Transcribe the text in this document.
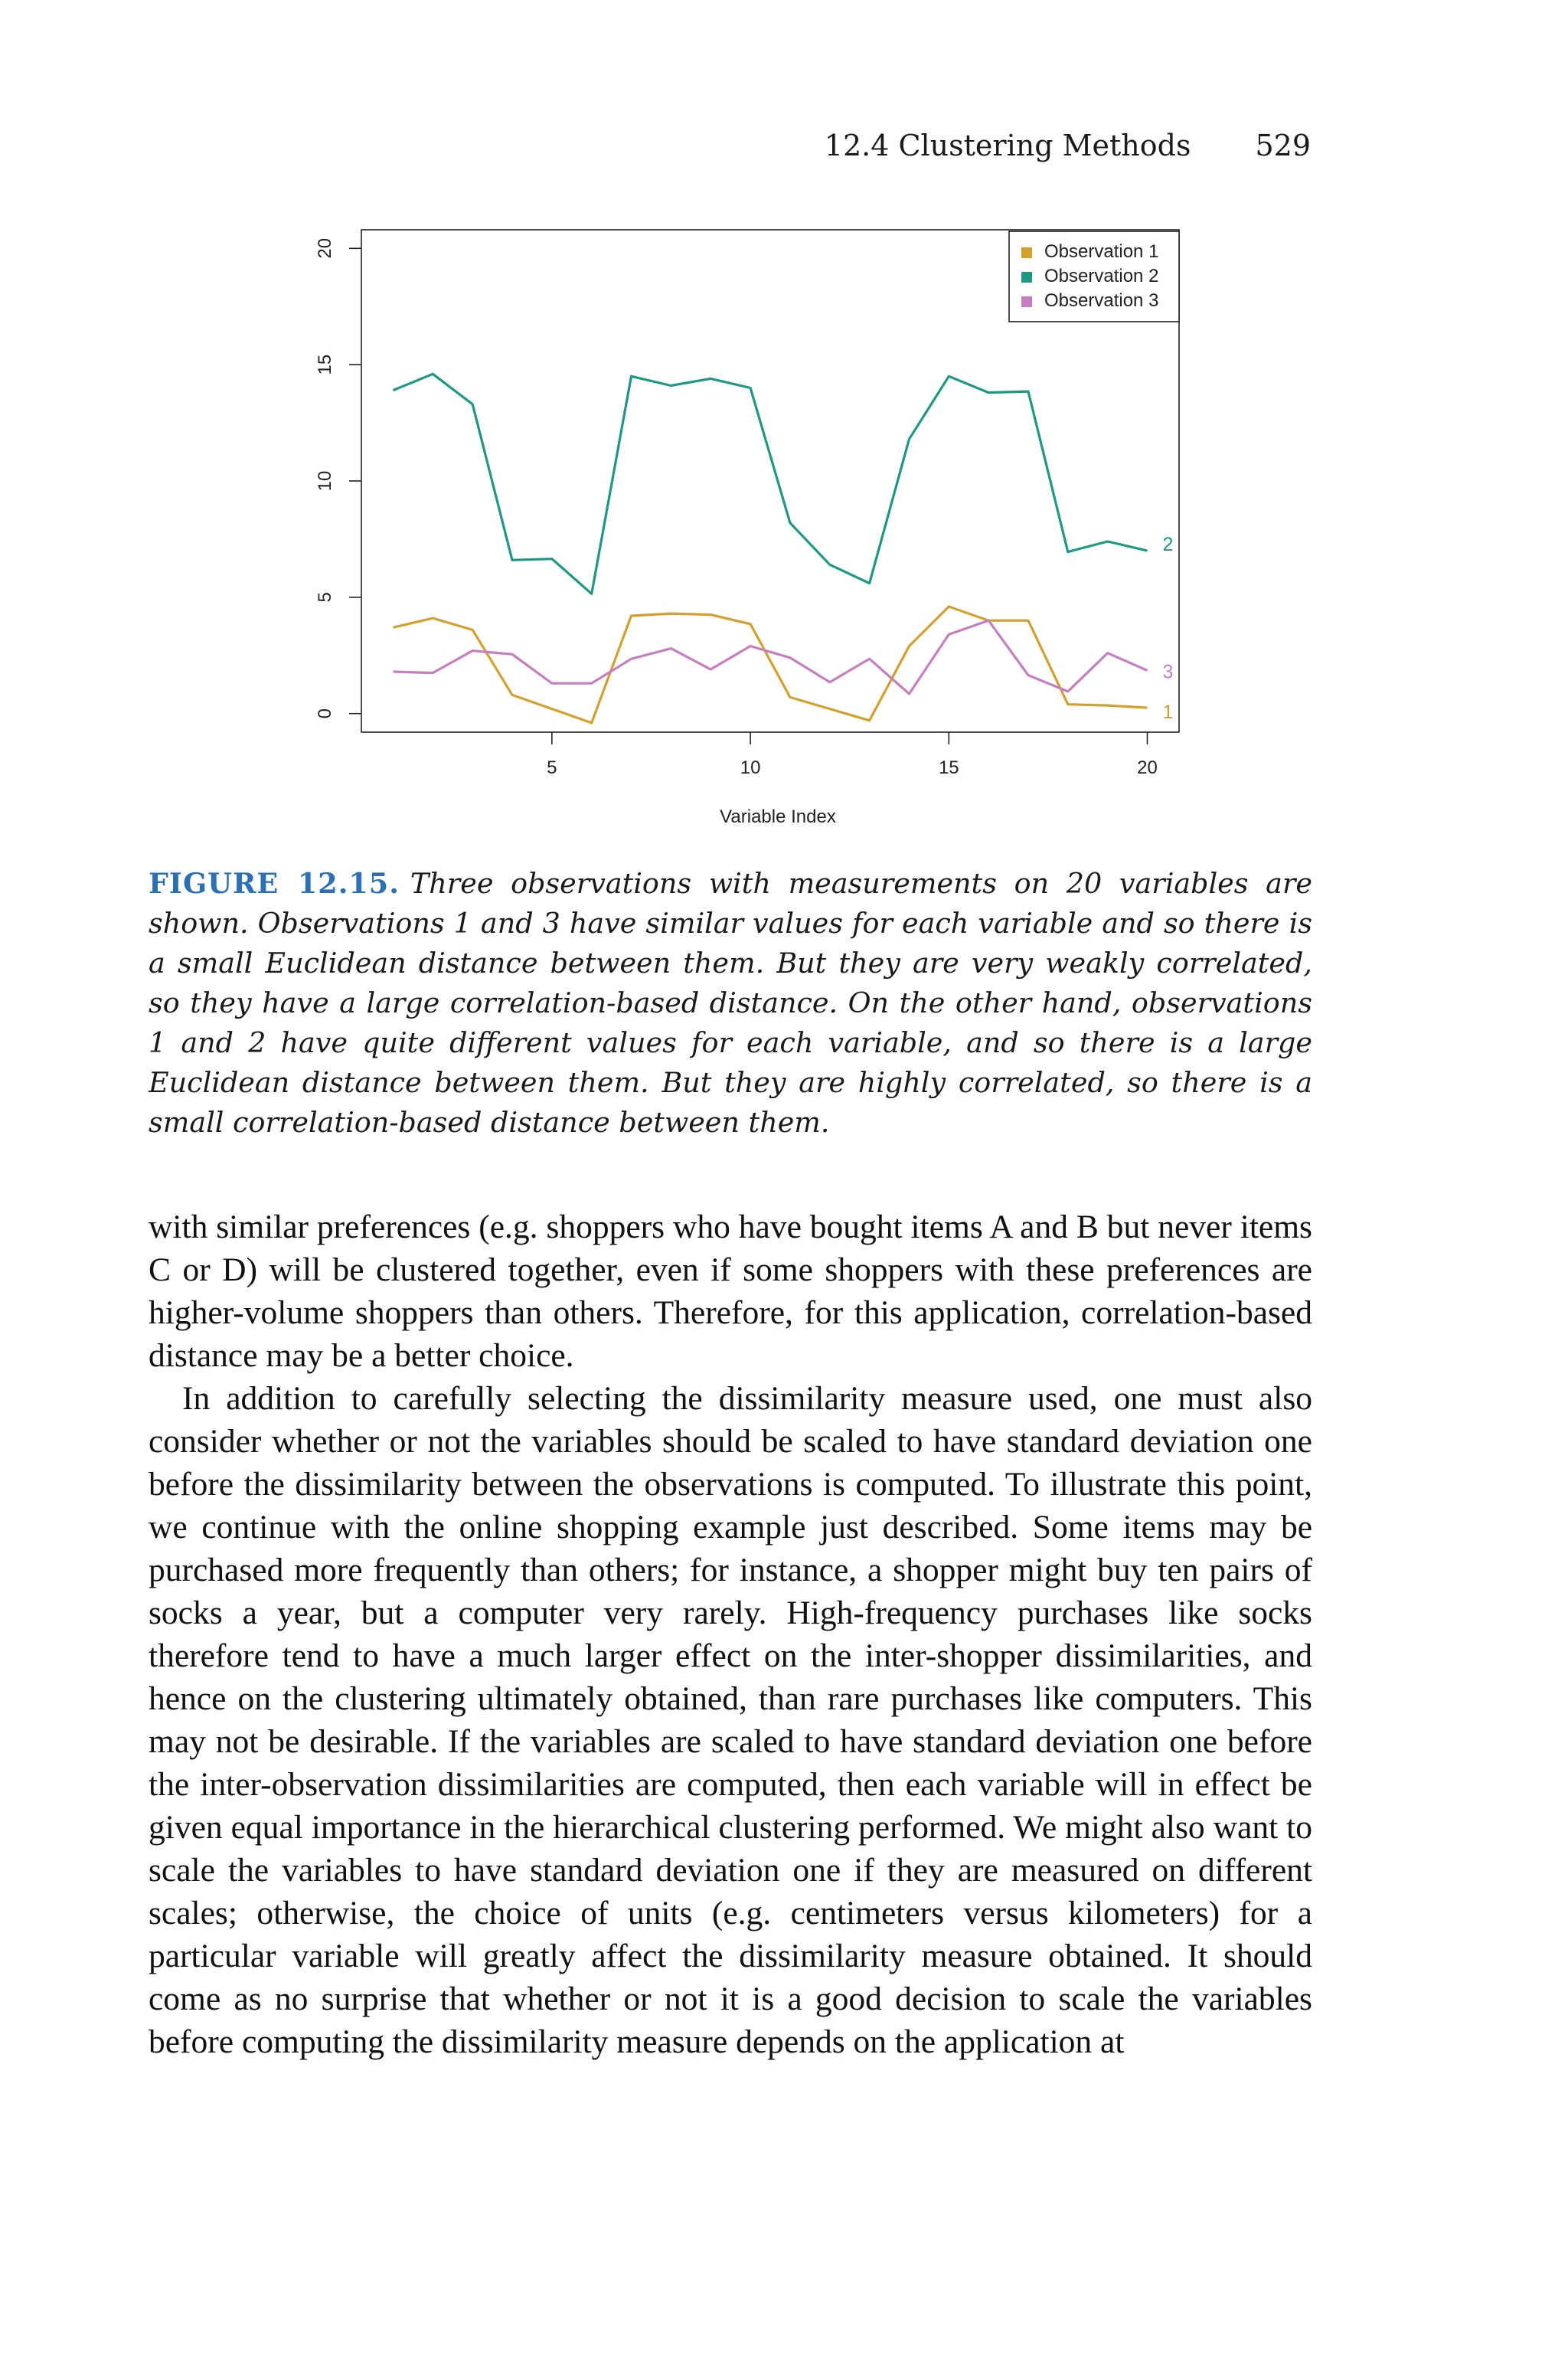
12.4 Clustering Methods 529
5	10	15	20
0
5
10
15
20
Variable Index
1
2
3
Observation 1
Observation 2
Observation 3
FIGURE 12.15. Three observations with measurements on 20 variables are shown. Observations 1 and 3 have similar values for each variable and so there is a small Euclidean distance between them. But they are very weakly correlated, so they have a large correlation-based distance. On the other hand, observations 1 and 2 have quite different values for each variable, and so there is a large Euclidean distance between them. But they are highly correlated, so there is a small correlation-based distance between them.

with similar preferences (e.g. shoppers who have bought items A and B but never items C or D) will be clustered together, even if some shoppers with these preferences are higher-volume shoppers than others. Therefore, for this application, correlation-based distance may be a better choice.

In addition to carefully selecting the dissimilarity measure used, one must also consider whether or not the variables should be scaled to have standard deviation one before the dissimilarity between the observations is computed. To illustrate this point, we continue with the online shopping example just described. Some items may be purchased more frequently than others; for instance, a shopper might buy ten pairs of socks a year, but a computer very rarely. High-frequency purchases like socks therefore tend to have a much larger effect on the inter-shopper dissimilarities, and hence on the clustering ultimately obtained, than rare purchases like computers. This may not be desirable. If the variables are scaled to have standard deviation one before the inter-observation dissimilarities are computed, then each variable will in effect be given equal importance in the hierarchical clustering performed. We might also want to scale the variables to have standard deviation one if they are measured on different scales; otherwise, the choice of units (e.g. centimeters versus kilometers) for a particular variable will greatly affect the dissimilarity measure obtained. It should come as no surprise that whether or not it is a good decision to scale the variables before computing the dissimilarity measure depends on the application at
